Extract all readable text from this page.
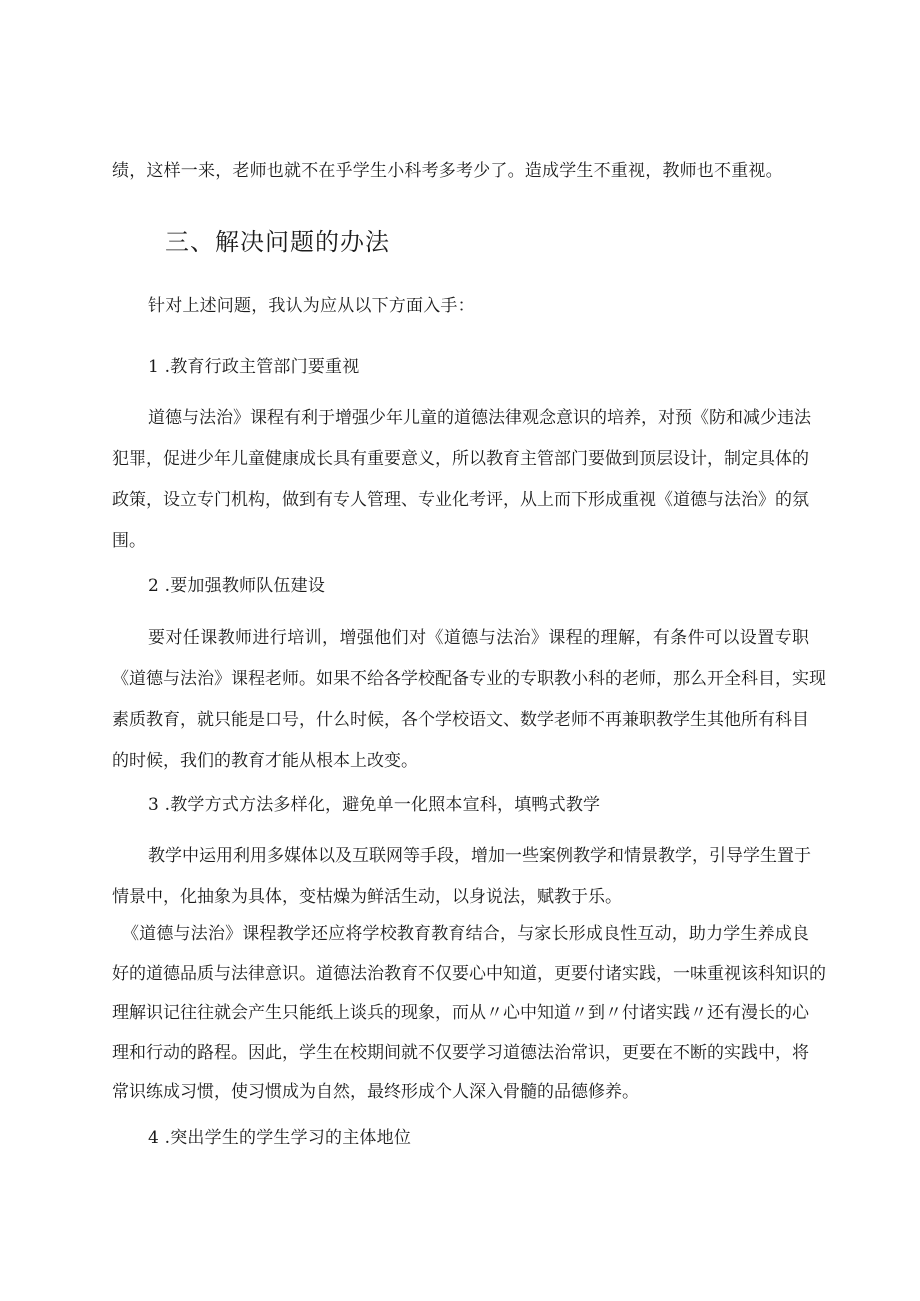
绩，这样一来，老师也就不在乎学生小科考多考少了。造成学生不重视，教师也不重视。
三、解决问题的办法
针对上述问题，我认为应从以下方面入手：
1 .教育行政主管部门要重视
道德与法治》课程有利于增强少年儿童的道德法律观念意识的培养，对预《防和减少违法
犯罪，促进少年儿童健康成长具有重要意义，所以教育主管部门要做到顶层设计，制定具体的
政策，设立专门机构，做到有专人管理、专业化考评，从上而下形成重视《道德与法治》的氛
围。
2 .要加强教师队伍建设
要对任课教师进行培训，增强他们对《道德与法治》课程的理解，有条件可以设置专职
《道德与法治》课程老师。如果不给各学校配备专业的专职教小科的老师，那么开全科目，实现
素质教育，就只能是口号，什么时候，各个学校语文、数学老师不再兼职教学生其他所有科目
的时候，我们的教育才能从根本上改变。
3 .教学方式方法多样化，避免单一化照本宣科，填鸭式教学
教学中运用利用多媒体以及互联网等手段，增加一些案例教学和情景教学，引导学生置于
情景中，化抽象为具体，变枯燥为鲜活生动，以身说法，赋教于乐。
《道德与法治》课程教学还应将学校教育教育结合，与家长形成良性互动，助力学生养成良
好的道德品质与法律意识。道德法治教育不仅要心中知道，更要付诸实践，一味重视该科知识的
理解识记往往就会产生只能纸上谈兵的现象，而从〃心中知道〃到〃付诸实践〃还有漫长的心
理和行动的路程。因此，学生在校期间就不仅要学习道德法治常识，更要在不断的实践中，将
常识练成习惯，使习惯成为自然，最终形成个人深入骨髓的品德修养。
4 .突出学生的学生学习的主体地位
